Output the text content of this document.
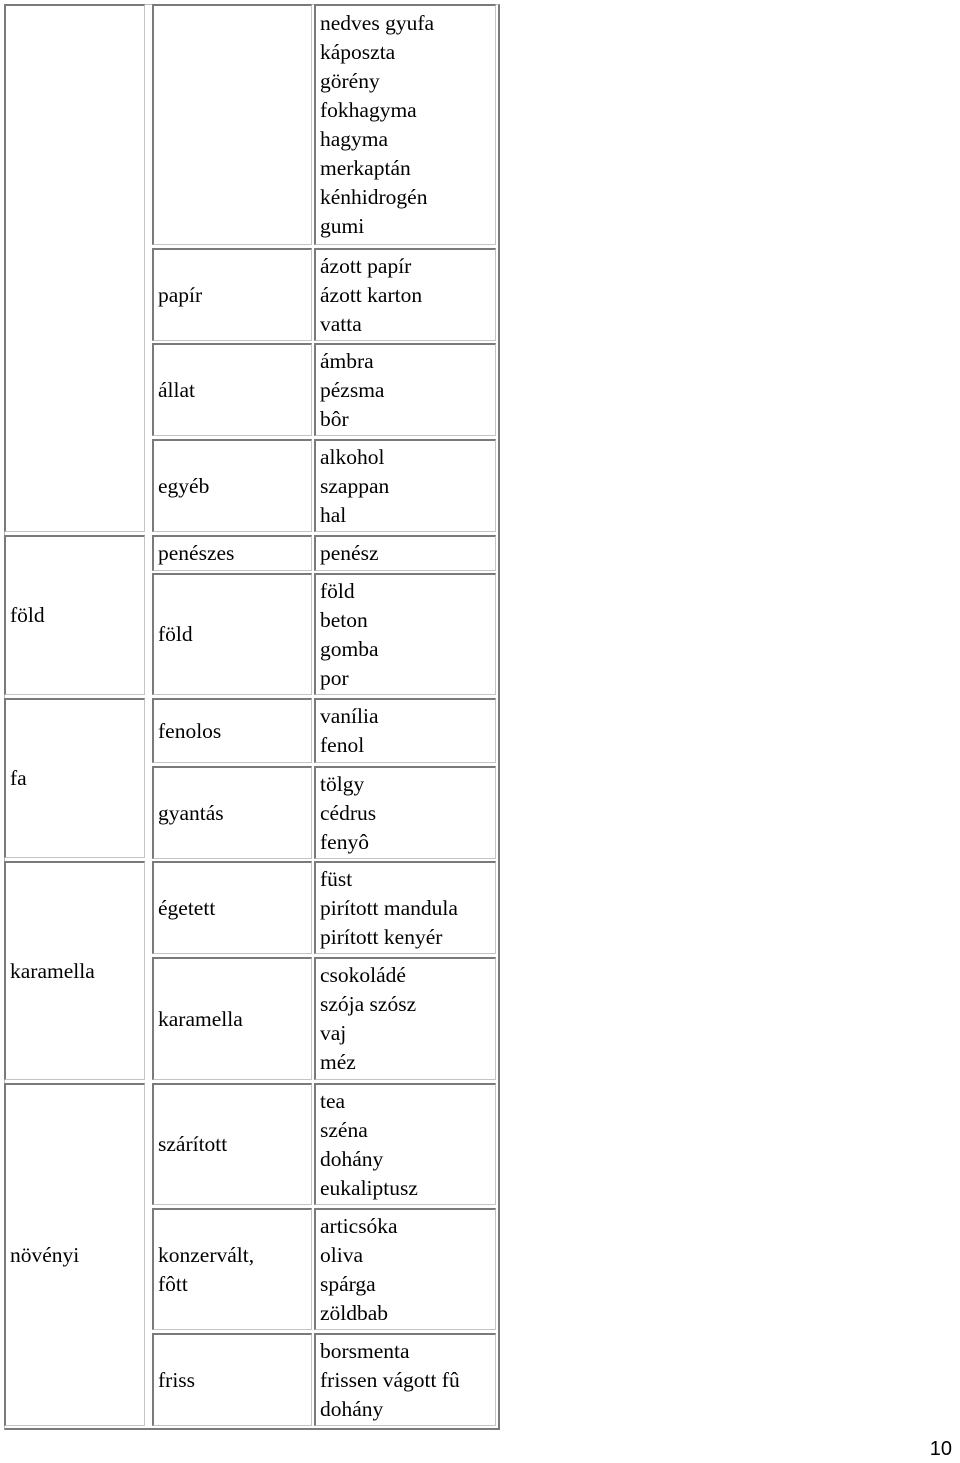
föld
fa
karamella
növényi
papír
állat
egyéb
penészes
föld
fenolos
gyantás
égetett
karamella
szárított
konzervált,
fôtt
friss
nedves gyufa
káposzta
görény
fokhagyma
hagyma
merkaptán
kénhidrogén
gumi
ázott papír
ázott karton
vatta
ámbra
pézsma
bôr
alkohol
szappan
hal
penész
föld
beton
gomba
por
vanília
fenol
tölgy
cédrus
fenyô
füst
pirított mandula
pirított kenyér
csokoládé
szója szósz
vaj
méz
tea
széna
dohány
eukaliptusz
articsóka
oliva
spárga
zöldbab
borsmenta
frissen vágott fû
dohány
10
